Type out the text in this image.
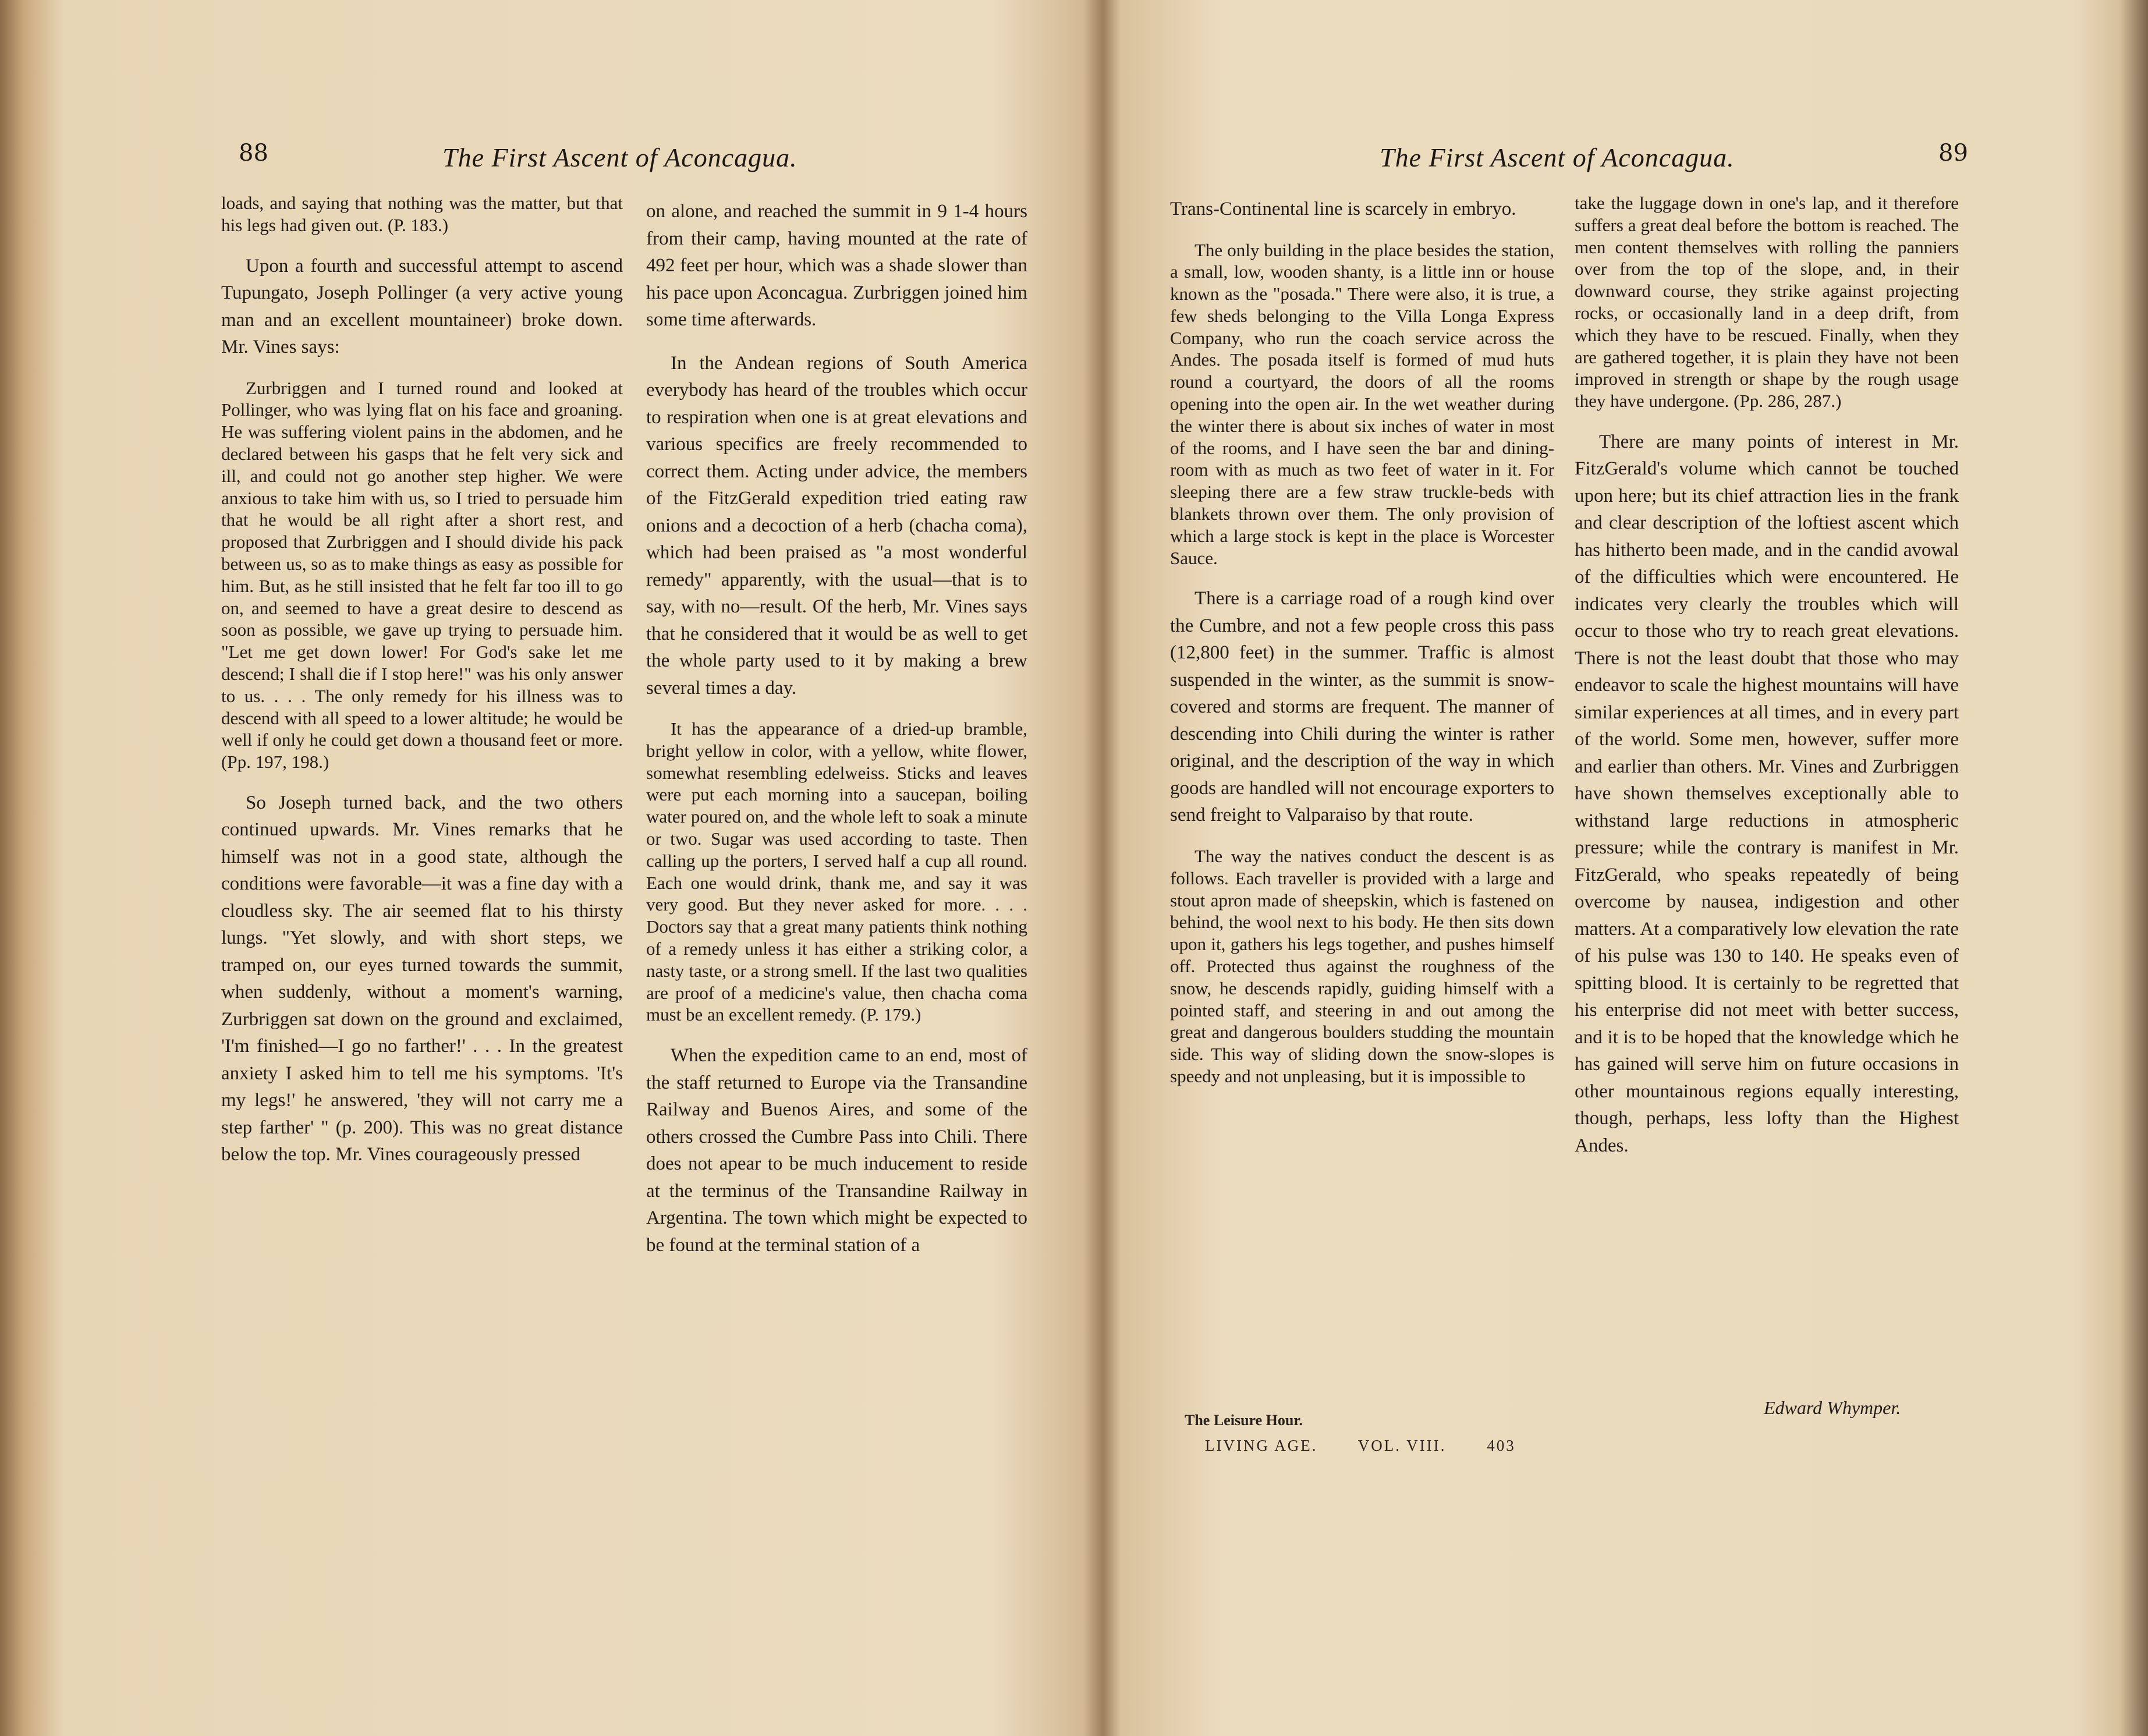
88	The First Ascent of Aconcagua.

loads, and saying that nothing was the matter, but that his legs had given out. (P. 183.)

Upon a fourth and successful attempt to ascend Tupungato, Joseph Pollinger (a very active young man and an excellent mountaineer) broke down. Mr. Vines says:

Zurbriggen and I turned round and looked at Pollinger, who was lying flat on his face and groaning. He was suffering violent pains in the abdomen, and he declared between his gasps that he felt very sick and ill, and could not go another step higher. We were anxious to take him with us, so I tried to persuade him that he would be all right after a short rest, and proposed that Zurbriggen and I should divide his pack between us, so as to make things as easy as possible for him. But, as he still insisted that he felt far too ill to go on, and seemed to have a great desire to descend as soon as possible, we gave up trying to persuade him. "Let me get down lower! For God's sake let me descend; I shall die if I stop here!" was his only answer to us. . . . The only remedy for his illness was to descend with all speed to a lower altitude; he would be well if only he could get down a thousand feet or more. (Pp. 197, 198.)

So Joseph turned back, and the two others continued upwards. Mr. Vines remarks that he himself was not in a good state, although the conditions were favorable—it was a fine day with a cloudless sky. The air seemed flat to his thirsty lungs. "Yet slowly, and with short steps, we tramped on, our eyes turned towards the summit, when suddenly, without a moment's warning, Zurbriggen sat down on the ground and exclaimed, 'I'm finished—I go no farther!' . . . In the greatest anxiety I asked him to tell me his symptoms. 'It's my legs!' he answered, 'they will not carry me a step farther' " (p. 200). This was no great distance below the top. Mr. Vines courageously pressed

on alone, and reached the summit in 9 1-4 hours from their camp, having mounted at the rate of 492 feet per hour, which was a shade slower than his pace upon Aconcagua. Zurbriggen joined him some time afterwards.

In the Andean regions of South America everybody has heard of the troubles which occur to respiration when one is at great elevations and various specifics are freely recommended to correct them. Acting under advice, the members of the FitzGerald expedition tried eating raw onions and a decoction of a herb (chacha coma), which had been praised as "a most wonderful remedy" apparently, with the usual—that is to say, with no—result. Of the herb, Mr. Vines says that he considered that it would be as well to get the whole party used to it by making a brew several times a day.

It has the appearance of a dried-up bramble, bright yellow in color, with a yellow, white flower, somewhat resembling edelweiss. Sticks and leaves were put each morning into a saucepan, boiling water poured on, and the whole left to soak a minute or two. Sugar was used according to taste. Then calling up the porters, I served half a cup all round. Each one would drink, thank me, and say it was very good. But they never asked for more. . . . Doctors say that a great many patients think nothing of a remedy unless it has either a striking color, a nasty taste, or a strong smell. If the last two qualities are proof of a medicine's value, then chacha coma must be an excellent remedy. (P. 179.)

When the expedition came to an end, most of the staff returned to Europe via the Transandine Railway and Buenos Aires, and some of the others crossed the Cumbre Pass into Chili. There does not apear to be much inducement to reside at the terminus of the Transandine Railway in Argentina. The town which might be expected to be found at the terminal station of a

The First Ascent of Aconcagua.	89

Trans-Continental line is scarcely in embryo.

The only building in the place besides the station, a small, low, wooden shanty, is a little inn or house known as the "posada." There were also, it is true, a few sheds belonging to the Villa Longa Express Company, who run the coach service across the Andes. The posada itself is formed of mud huts round a courtyard, the doors of all the rooms opening into the open air. In the wet weather during the winter there is about six inches of water in most of the rooms, and I have seen the bar and dining-room with as much as two feet of water in it. For sleeping there are a few straw truckle-beds with blankets thrown over them. The only provision of which a large stock is kept in the place is Worcester Sauce.

There is a carriage road of a rough kind over the Cumbre, and not a few people cross this pass (12,800 feet) in the summer. Traffic is almost suspended in the winter, as the summit is snow-covered and storms are frequent. The manner of descending into Chili during the winter is rather original, and the description of the way in which goods are handled will not encourage exporters to send freight to Valparaiso by that route.

The way the natives conduct the descent is as follows. Each traveller is provided with a large and stout apron made of sheepskin, which is fastened on behind, the wool next to his body. He then sits down upon it, gathers his legs together, and pushes himself off. Protected thus against the roughness of the snow, he descends rapidly, guiding himself with a pointed staff, and steering in and out among the great and dangerous boulders studding the mountain side. This way of sliding down the snow-slopes is speedy and not unpleasing, but it is impossible to

take the luggage down in one's lap, and it therefore suffers a great deal before the bottom is reached. The men content themselves with rolling the panniers over from the top of the slope, and, in their downward course, they strike against projecting rocks, or occasionally land in a deep drift, from which they have to be rescued. Finally, when they are gathered together, it is plain they have not been improved in strength or shape by the rough usage they have undergone. (Pp. 286, 287.)

There are many points of interest in Mr. FitzGerald's volume which cannot be touched upon here; but its chief attraction lies in the frank and clear description of the loftiest ascent which has hitherto been made, and in the candid avowal of the difficulties which were encountered. He indicates very clearly the troubles which will occur to those who try to reach great elevations. There is not the least doubt that those who may endeavor to scale the highest mountains will have similar experiences at all times, and in every part of the world. Some men, however, suffer more and earlier than others. Mr. Vines and Zurbriggen have shown themselves exceptionally able to withstand large reductions in atmospheric pressure; while the contrary is manifest in Mr. FitzGerald, who speaks repeatedly of being overcome by nausea, indigestion and other matters. At a comparatively low elevation the rate of his pulse was 130 to 140. He speaks even of spitting blood. It is certainly to be regretted that his enterprise did not meet with better success, and it is to be hoped that the knowledge which he has gained will serve him on future occasions in other mountainous regions equally interesting, though, perhaps, less lofty than the Highest Andes.

Edward Whymper.
The Leisure Hour.
LIVING AGE.	VOL. VIII.	403
